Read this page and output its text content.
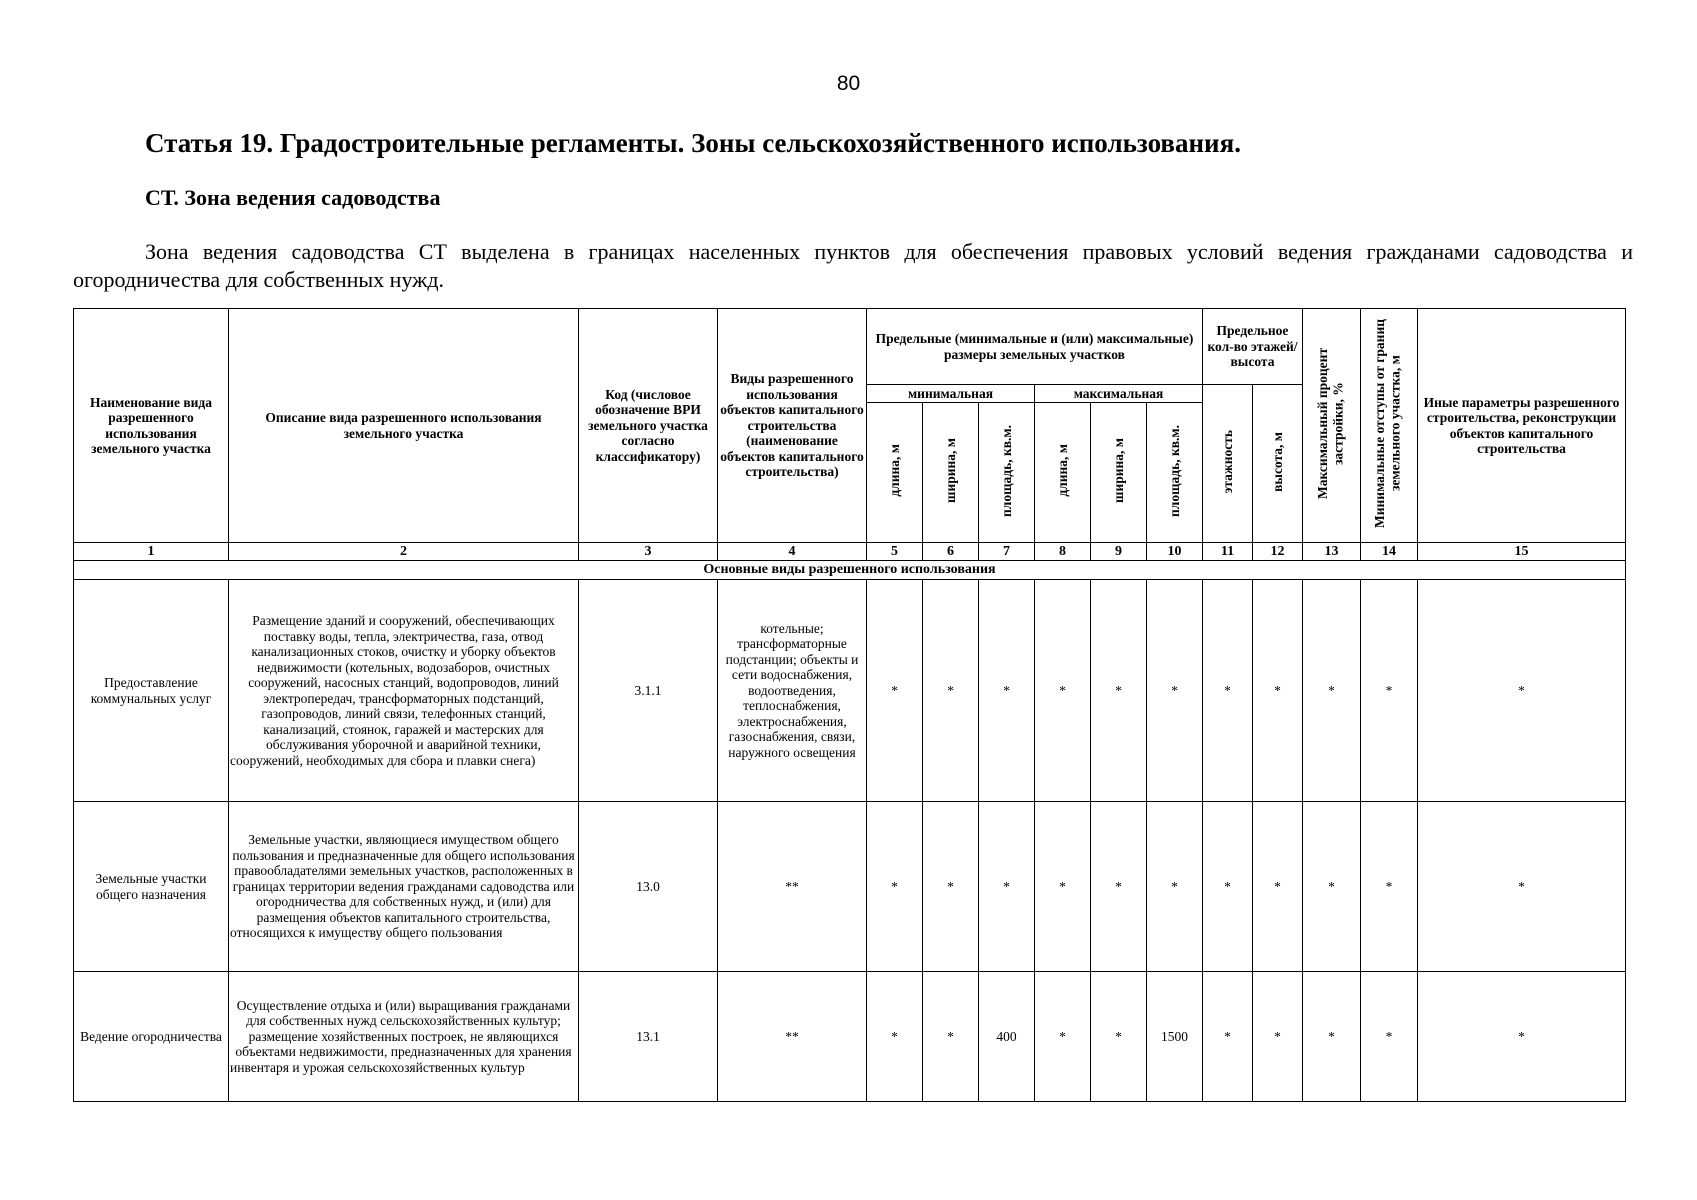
80
Статья 19. Градостроительные регламенты. Зоны сельскохозяйственного использования.
СТ. Зона ведения садоводства
Зона ведения садоводства СТ выделена в границах населенных пунктов для обеспечения правовых условий ведения гражданами садоводства и огородничества для собственных нужд.
Наименование вида разрешенного использования земельного участка	Описание вида разрешенного использования земельного участка	Код (числовое обозначение ВРИ земельного участка согласно классификатору)	Виды разрешенного использования объектов капитального строительства (наименование объектов капитального строительства)	Предельные (минимальные и (или) максимальные) размеры земельных участков						Предельное кол-во этажей/ высота		Максимальный процент застройки, %	Минимальные отступы от границ земельного участка, м	Иные параметры разрешенного строительства, реконструкции объектов капитального строительства
				минимальная			максимальная			этажность	высота, м			
				длина, м	ширина, м	площадь, кв.м.	длина, м	ширина, м	площадь, кв.м.					
1	2	3	4	5	6	7	8	9	10	11	12	13	14	15
Основные виды разрешенного использования														
Предоставление коммунальных услуг	Размещение зданий и сооружений, обеспечивающих поставку воды, тепла, электричества, газа, отвод канализационных стоков, очистку и уборку объектов недвижимости (котельных, водозаборов, очистных сооружений, насосных станций, водопроводов, линий электропередач, трансформаторных подстанций, газопроводов, линий связи, телефонных станций, канализаций, стоянок, гаражей и мастерских для обслуживания уборочной и аварийной техники, сооружений, необходимых для сбора и плавки снега)	3.1.1	котельные; трансформаторные подстанции; объекты и сети водоснабжения, водоотведения, теплоснабжения, электроснабжения, газоснабжения, связи, наружного освещения	*	*	*	*	*	*	*	*	*	*	*
Земельные участки общего назначения	Земельные участки, являющиеся имуществом общего пользования и предназначенные для общего использования правообладателями земельных участков, расположенных в границах территории ведения гражданами садоводства или огородничества для собственных нужд, и (или) для размещения объектов капитального строительства, относящихся к имуществу общего пользования	13.0	**	*	*	*	*	*	*	*	*	*	*	*
Ведение огородничества	Осуществление отдыха и (или) выращивания гражданами для собственных нужд сельскохозяйственных культур; размещение хозяйственных построек, не являющихся объектами недвижимости, предназначенных для хранения инвентаря и урожая сельскохозяйственных культур	13.1	**	*	*	400	*	*	1500	*	*	*	*	*
